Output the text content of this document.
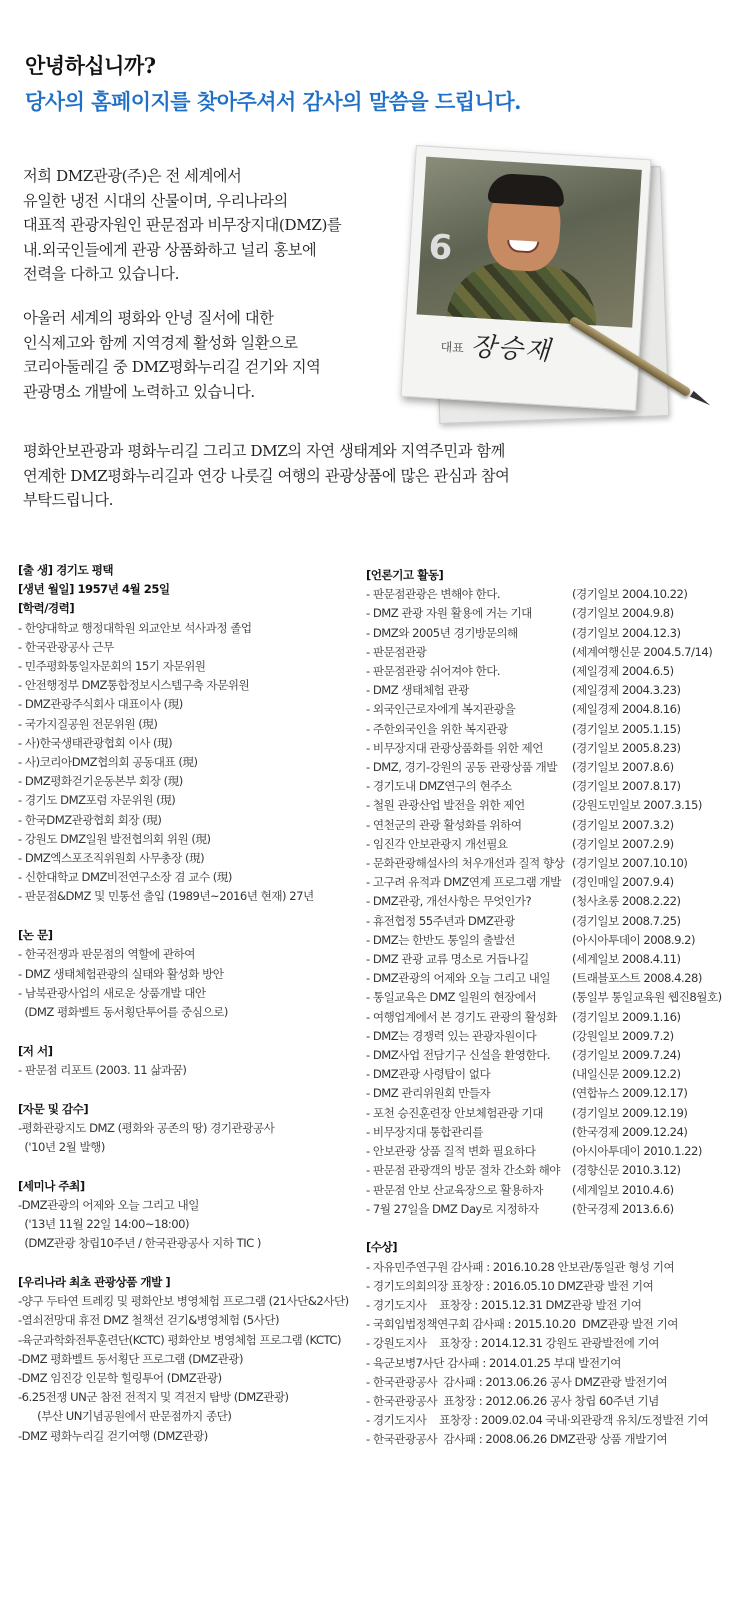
안녕하십니까?
당사의 홈페이지를 찾아주셔서 감사의 말씀을 드립니다.
저희 DMZ관광(주)은 전 세계에서
유일한 냉전 시대의 산물이며, 우리나라의
대표적 관광자원인 판문점과 비무장지대(DMZ)를
내.외국인들에게 관광 상품화하고 널리 홍보에
전력을 다하고 있습니다.
아울러 세계의 평화와 안녕 질서에 대한
인식제고와 함께 지역경제 활성화 일환으로
코리아둘레길 중 DMZ평화누리길 걷기와 지역
관광명소 개발에 노력하고 있습니다.
평화안보관광과 평화누리길 그리고 DMZ의 자연 생태계와 지역주민과 함께
연계한 DMZ평화누리길과 연강 나룻길 여행의 관광상품에 많은 관심과 참여
부탁드립니다.
6
대표 장승재
[출 생] 경기도 평택
[생년 월일] 1957년 4월 25일
[학력/경력]
- 한양대학교 행정대학원 외교안보 석사과정 졸업
- 한국관광공사 근무
- 민주평화통일자문회의 15기 자문위원
- 안전행정부 DMZ통합정보시스템구축 자문위원
- DMZ관광주식회사 대표이사 (現)
- 국가지질공원 전문위원 (現)
- 사)한국생태관광협회 이사 (現)
- 사)코리아DMZ협의회 공동대표 (現)
- DMZ평화걷기운동본부 회장 (現)
- 경기도 DMZ포럼 자문위원 (現)
- 한국DMZ관광협회 회장 (現)
- 강원도 DMZ일원 발전협의회 위원 (現)
- DMZ엑스포조직위원회 사무총장 (現)
- 신한대학교 DMZ비전연구소장 겸 교수 (現)
- 판문점&DMZ 및 민통선 출입 (1989년~2016년 현재) 27년
[논 문]
- 한국전쟁과 판문점의 역할에 관하여
- DMZ 생태체험관광의 실태와 활성화 방안
- 남북관광사업의 새로운 상품개발 대안
(DMZ 평화벨트 동서횡단투어를 중심으로)
[저 서]
- 판문점 리포트 (2003. 11 삶과꿈)
[자문 및 감수]
-평화관광지도 DMZ (평화와 공존의 땅) 경기관광공사
('10년 2월 발행)
[세미나 주최]
-DMZ관광의 어제와 오늘 그리고 내일
('13년 11월 22일 14:00~18:00)
(DMZ관광 창립10주년 / 한국관광공사 지하 TIC )
[우리나라 최초 관광상품 개발 ]
-양구 두타연 트레킹 및 평화안보 병영체험 프로그램 (21사단&2사단)
-열쇠전망대 휴전 DMZ 철책선 걷기&병영체험 (5사단)
-육군과학화전투훈련단(KCTC) 평화안보 병영체험 프로그램 (KCTC)
-DMZ 평화벨트 동서횡단 프로그램 (DMZ관광)
-DMZ 임진강 인문학 힐링투어 (DMZ관광)
-6.25전쟁 UN군 참전 전적지 및 격전지 탐방 (DMZ관광)
(부산 UN기념공원에서 판문점까지 종단)
-DMZ 평화누리길 걷기여행 (DMZ관광)
[언론기고 활동]
- 판문점관광은 변해야 한다.	(경기일보 2004.10.22)
- DMZ 관광 자원 활용에 거는 기대	(경기일보 2004.9.8)
- DMZ와 2005년 경기방문의해	(경기일보 2004.12.3)
- 판문점관광	(세계여행신문 2004.5.7/14)
- 판문점관광 쉬어져야 한다.	(제일경제 2004.6.5)
- DMZ 생태체험 관광	(제일경제 2004.3.23)
- 외국인근로자에게 복지관광을	(제일경제 2004.8.16)
- 주한외국인을 위한 복지관광	(경기일보 2005.1.15)
- 비무장지대 관광상품화를 위한 제언	(경기일보 2005.8.23)
- DMZ, 경기-강원의 공동 관광상품 개발	(경기일보 2007.8.6)
- 경기도내 DMZ연구의 현주소	(경기일보 2007.8.17)
- 철원 관광산업 발전을 위한 제언	(강원도민일보 2007.3.15)
- 연천군의 관광 활성화를 위하여	(경기일보 2007.3.2)
- 임진각 안보관광지 개선필요	(경기일보 2007.2.9)
- 문화관광해설사의 처우개선과 질적 향상 (경기일보 2007.10.10)
- 고구려 유적과 DMZ연계 프로그램 개발 (경인매일 2007.9.4)
- DMZ관광, 개선사항은 무엇인가?	(청사초롱 2008.2.22)
- 휴전협정 55주년과 DMZ관광	(경기일보 2008.7.25)
- DMZ는 한반도 통일의 출발선	(아시아투데이 2008.9.2)
- DMZ 관광 교류 명소로 거듭나길	(세계일보 2008.4.11)
- DMZ관광의 어제와 오늘 그리고 내일	(트래블포스트 2008.4.28)
- 통일교육은 DMZ 일원의 현장에서	(통일부 통일교육원 웹진8월호)
- 여행업계에서 본 경기도 관광의 활성화	(경기일보 2009.1.16)
- DMZ는 경쟁력 있는 관광자원이다	(강원일보 2009.7.2)
- DMZ사업 전담기구 신설을 환영한다.	(경기일보 2009.7.24)
- DMZ관광 사령탑이 없다	(내일신문 2009.12.2)
- DMZ 관리위원회 만들자	(연합뉴스 2009.12.17)
- 포천 승진훈련장 안보체험관광 기대	(경기일보 2009.12.19)
- 비무장지대 통합관리를	(한국경제 2009.12.24)
- 안보관광 상품 질적 변화 필요하다	(아시아투데이 2010.1.22)
- 판문점 관광객의 방문 절차 간소화 해야	(경향신문 2010.3.12)
- 판문점 안보 산교육장으로 활용하자	(세계일보 2010.4.6)
- 7월 27일을 DMZ Day로 지정하자	(한국경제 2013.6.6)
[수상]
- 자유민주연구원 감사패 : 2016.10.28 안보관/통일관 형성 기여
- 경기도의회의장 표창장 : 2016.05.10 DMZ관광 발전 기여
- 경기도지사    표창장 : 2015.12.31 DMZ관광 발전 기여
- 국회입법정책연구회 감사패 : 2015.10.20  DMZ관광 발전 기여
- 강원도지사    표창장 : 2014.12.31 강원도 관광발전에 기여
- 육군보병7사단 감사패 : 2014.01.25 부대 발전기여
- 한국관광공사  감사패 : 2013.06.26 공사 DMZ관광 발전기여
- 한국관광공사  표창장 : 2012.06.26 공사 창립 60주년 기념
- 경기도지사    표창장 : 2009.02.04 국내·외관광객 유치/도정발전 기여
- 한국관광공사  감사패 : 2008.06.26 DMZ관광 상품 개발기여
